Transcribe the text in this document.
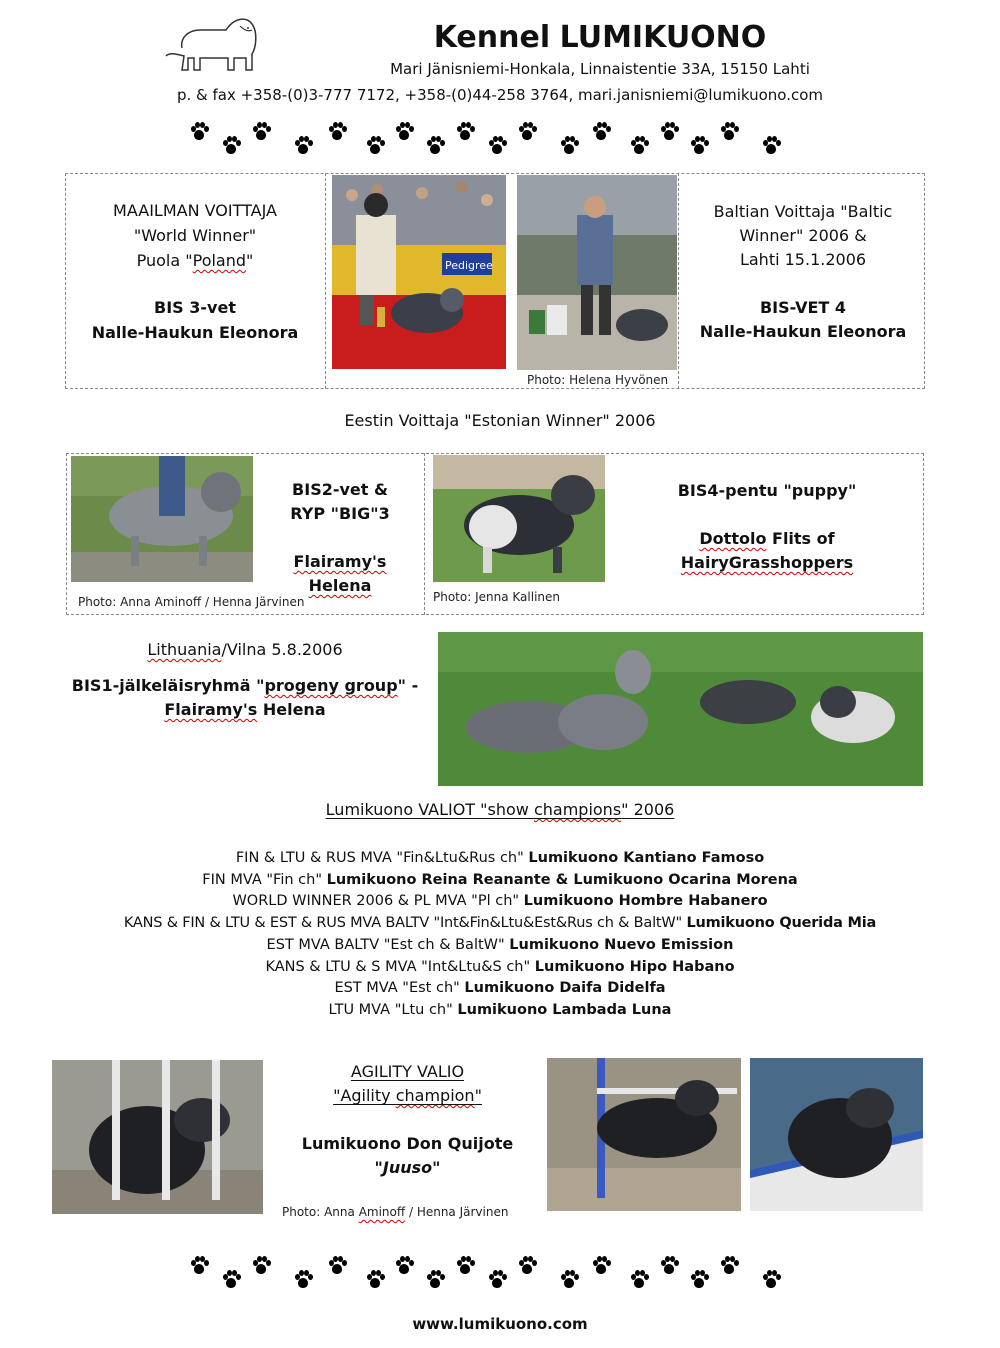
Kennel LUMIKUONO
Mari Jänisniemi-Honkala, Linnaistentie 33A, 15150 Lahti
p. & fax +358-(0)3-777 7172, +358-(0)44-258 3764, mari.janisniemi@lumikuono.com
MAAILMAN VOITTAJA
"World Winner"
Puola "Poland"
BIS 3-vet
Nalle-Haukun Eleonora
Pedigree
Photo: Helena Hyvönen
Baltian Voittaja "Baltic
Winner" 2006 &
Lahti 15.1.2006
BIS-VET 4
Nalle-Haukun Eleonora
Eestin Voittaja "Estonian Winner" 2006
BIS2-vet &
RYP "BIG"3
Flairamy's Helena
Photo: Anna Aminoff / Henna Järvinen
BIS4-pentu "puppy"
Dottolo Flits of HairyGrasshoppers
Photo: Jenna Kallinen
Lithuania/Vilna 5.8.2006
BIS1-jälkeläisryhmä "progeny group" -
Flairamy's Helena
Lumikuono VALIOT "show champions" 2006
FIN & LTU & RUS MVA "Fin&Ltu&Rus ch" Lumikuono Kantiano Famoso
FIN MVA "Fin ch" Lumikuono Reina Reanante & Lumikuono Ocarina Morena
WORLD WINNER 2006 & PL MVA "Pl ch" Lumikuono Hombre Habanero
KANS & FIN & LTU & EST & RUS MVA BALTV "Int&Fin&Ltu&Est&Rus ch & BaltW" Lumikuono Querida Mia
EST MVA BALTV "Est ch & BaltW" Lumikuono Nuevo Emission
KANS & LTU & S MVA "Int&Ltu&S ch" Lumikuono Hipo Habano
EST MVA "Est ch" Lumikuono Daifa Didelfa
LTU MVA "Ltu ch" Lumikuono Lambada Luna
AGILITY VALIO
"Agility champion"
Lumikuono Don Quijote
"Juuso"
Photo: Anna Aminoff / Henna Järvinen
www.lumikuono.com
